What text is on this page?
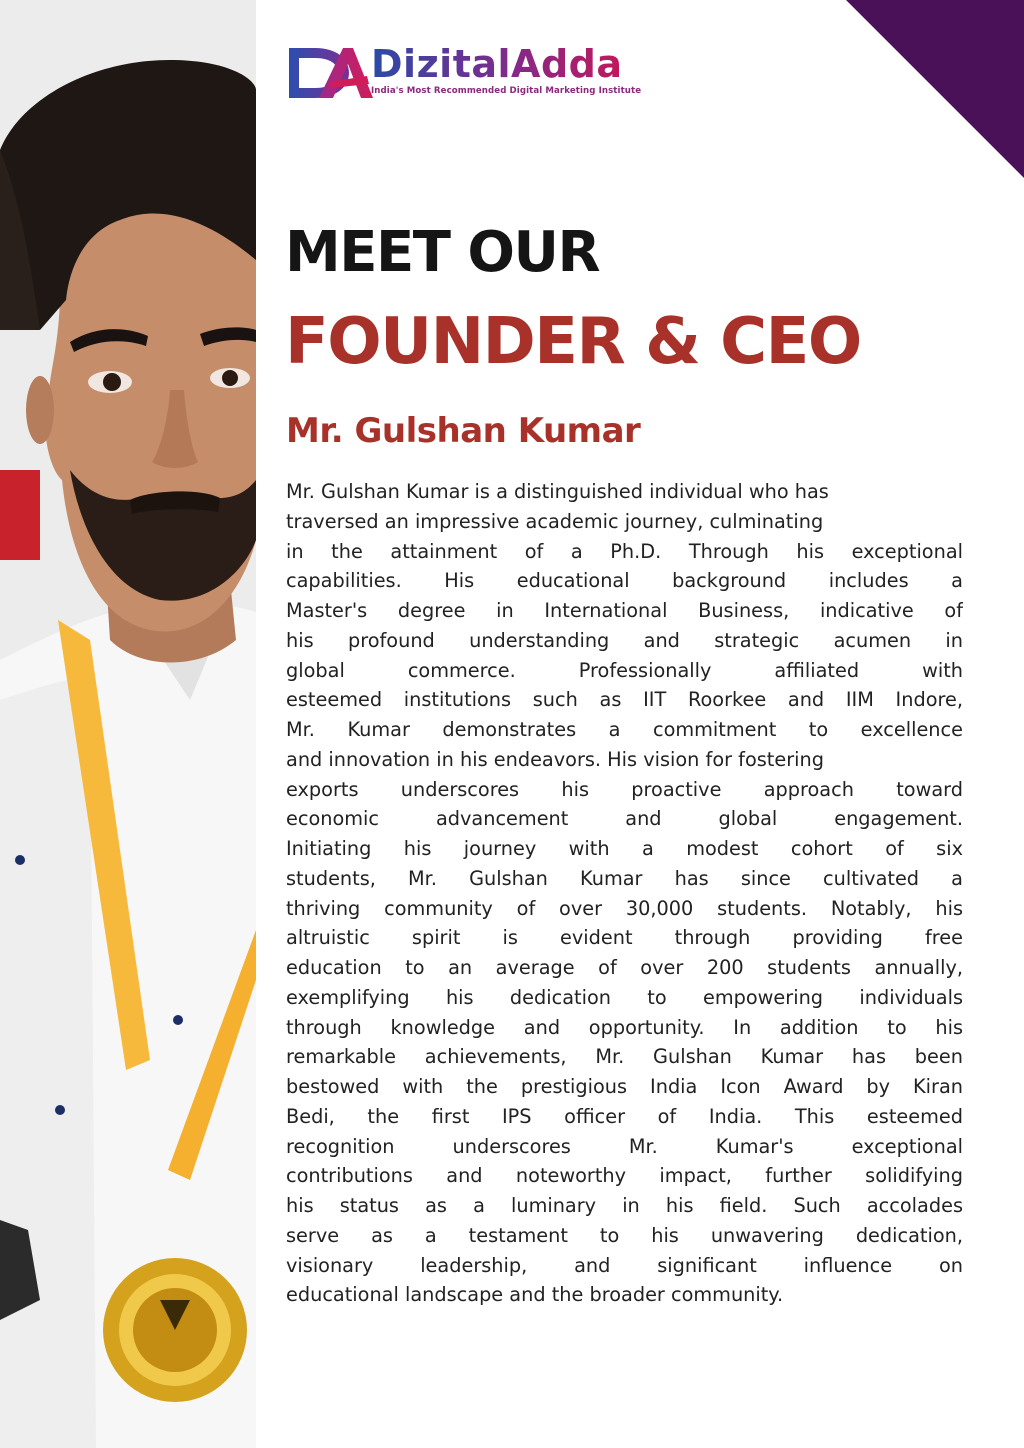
DizitalAdda
India's Most Recommended Digital Marketing Institute
MEET OUR
FOUNDER & CEO
Mr. Gulshan Kumar
Mr. Gulshan Kumar is a distinguished individual who has
traversed an impressive academic journey, culminating
in the attainment of a Ph.D. Through his exceptional
capabilities. His educational background includes a
Master's degree in International Business, indicative of
his profound understanding and strategic acumen in
global commerce. Professionally affiliated with
esteemed institutions such as IIT Roorkee and IIM Indore,
Mr. Kumar demonstrates a commitment to excellence
and innovation in his endeavors. His vision for fostering
exports underscores his proactive approach toward
economic advancement and global engagement.
Initiating his journey with a modest cohort of six
students, Mr. Gulshan Kumar has since cultivated a
thriving community of over 30,000 students. Notably, his
altruistic spirit is evident through providing free
education to an average of over 200 students annually,
exemplifying his dedication to empowering individuals
through knowledge and opportunity. In addition to his
remarkable achievements, Mr. Gulshan Kumar has been
bestowed with the prestigious India Icon Award by Kiran
Bedi, the first IPS officer of India. This esteemed
recognition underscores Mr. Kumar's exceptional
contributions and noteworthy impact, further solidifying
his status as a luminary in his field. Such accolades
serve as a testament to his unwavering dedication,
visionary leadership, and significant influence on
educational landscape and the broader community.
